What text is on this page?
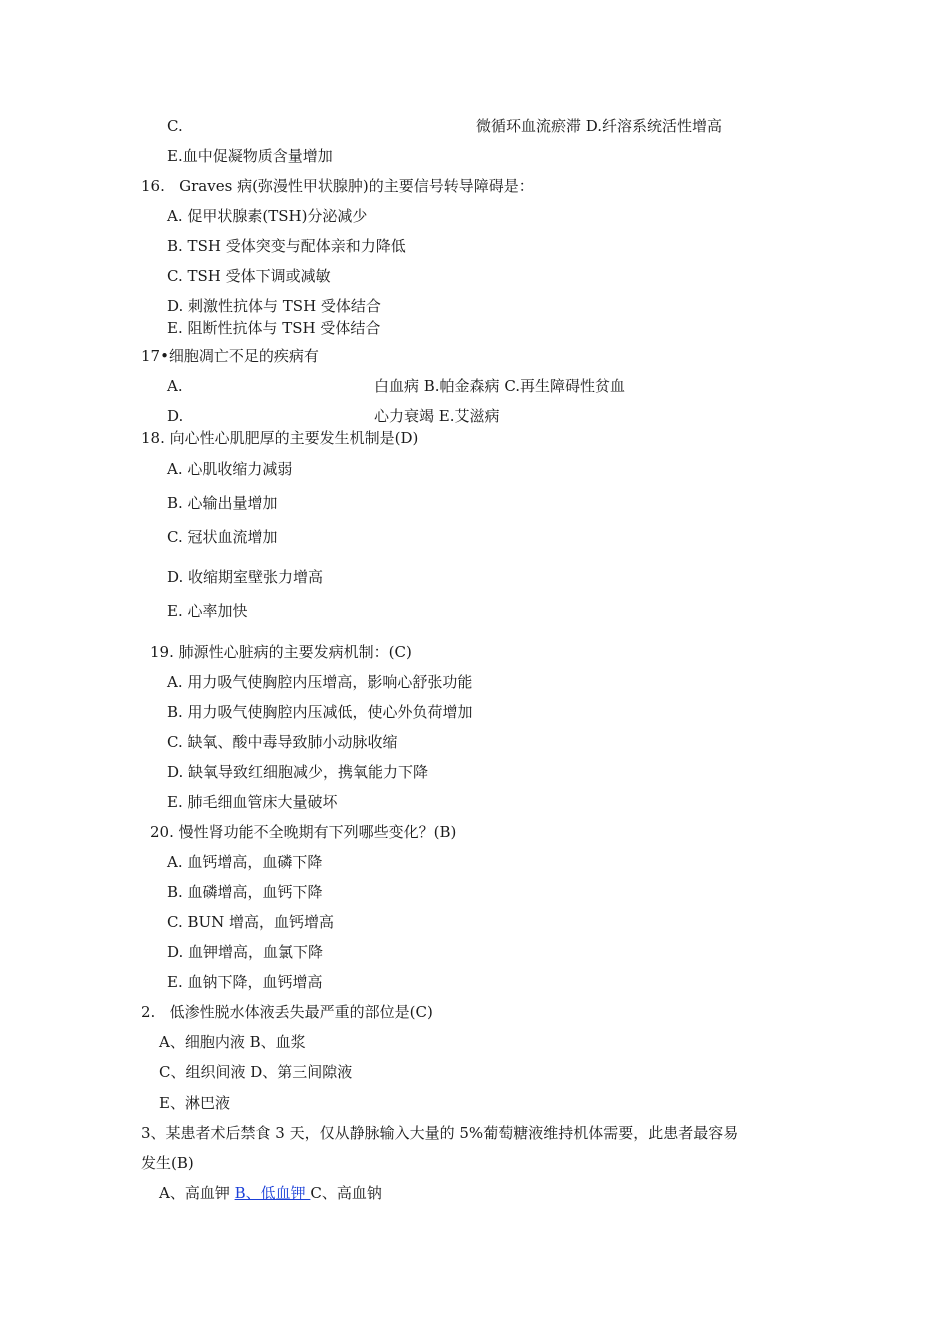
C.	微循环血流瘀滞 D.纤溶系统活性增高
E.血中促凝物质含量增加
16.   Graves 病(弥漫性甲状腺肿)的主要信号转导障碍是：
A. 促甲状腺素(TSH)分泌减少
B. TSH 受体突变与配体亲和力降低
C. TSH 受体下调或减敏
D. 刺激性抗体与 TSH 受体结合
E. 阻断性抗体与 TSH 受体结合
17•细胞凋亡不足的疾病有
A.	白血病 B.帕金森病 C.再生障碍性贫血
D.	心力衰竭 E.艾滋病
18. 向心性心肌肥厚的主要发生机制是(D)
A. 心肌收缩力减弱
B. 心输出量增加
C. 冠状血流增加
D. 收缩期室壁张力增高
E. 心率加快
19. 肺源性心脏病的主要发病机制：(C)
A. 用力吸气使胸腔内压增高，影响心舒张功能
B. 用力吸气使胸腔内压减低，使心外负荷增加
C. 缺氧、酸中毒导致肺小动脉收缩
D. 缺氧导致红细胞减少，携氧能力下降
E. 肺毛细血管床大量破坏
20. 慢性肾功能不全晚期有下列哪些变化？(B)
A. 血钙增高，血磷下降
B. 血磷增高，血钙下降
C. BUN 增高，血钙增高
D. 血钾增高，血氯下降
E. 血钠下降，血钙增高
2.   低渗性脱水体液丢失最严重的部位是(C)
A、细胞内液 B、血浆
C、组织间液 D、第三间隙液
E、淋巴液
3、某患者术后禁食 3 天，仅从静脉输入大量的 5%葡萄糖液维持机体需要，此患者最容易
发生(B)
A、高血钾 B、低血钾 C、高血钠
